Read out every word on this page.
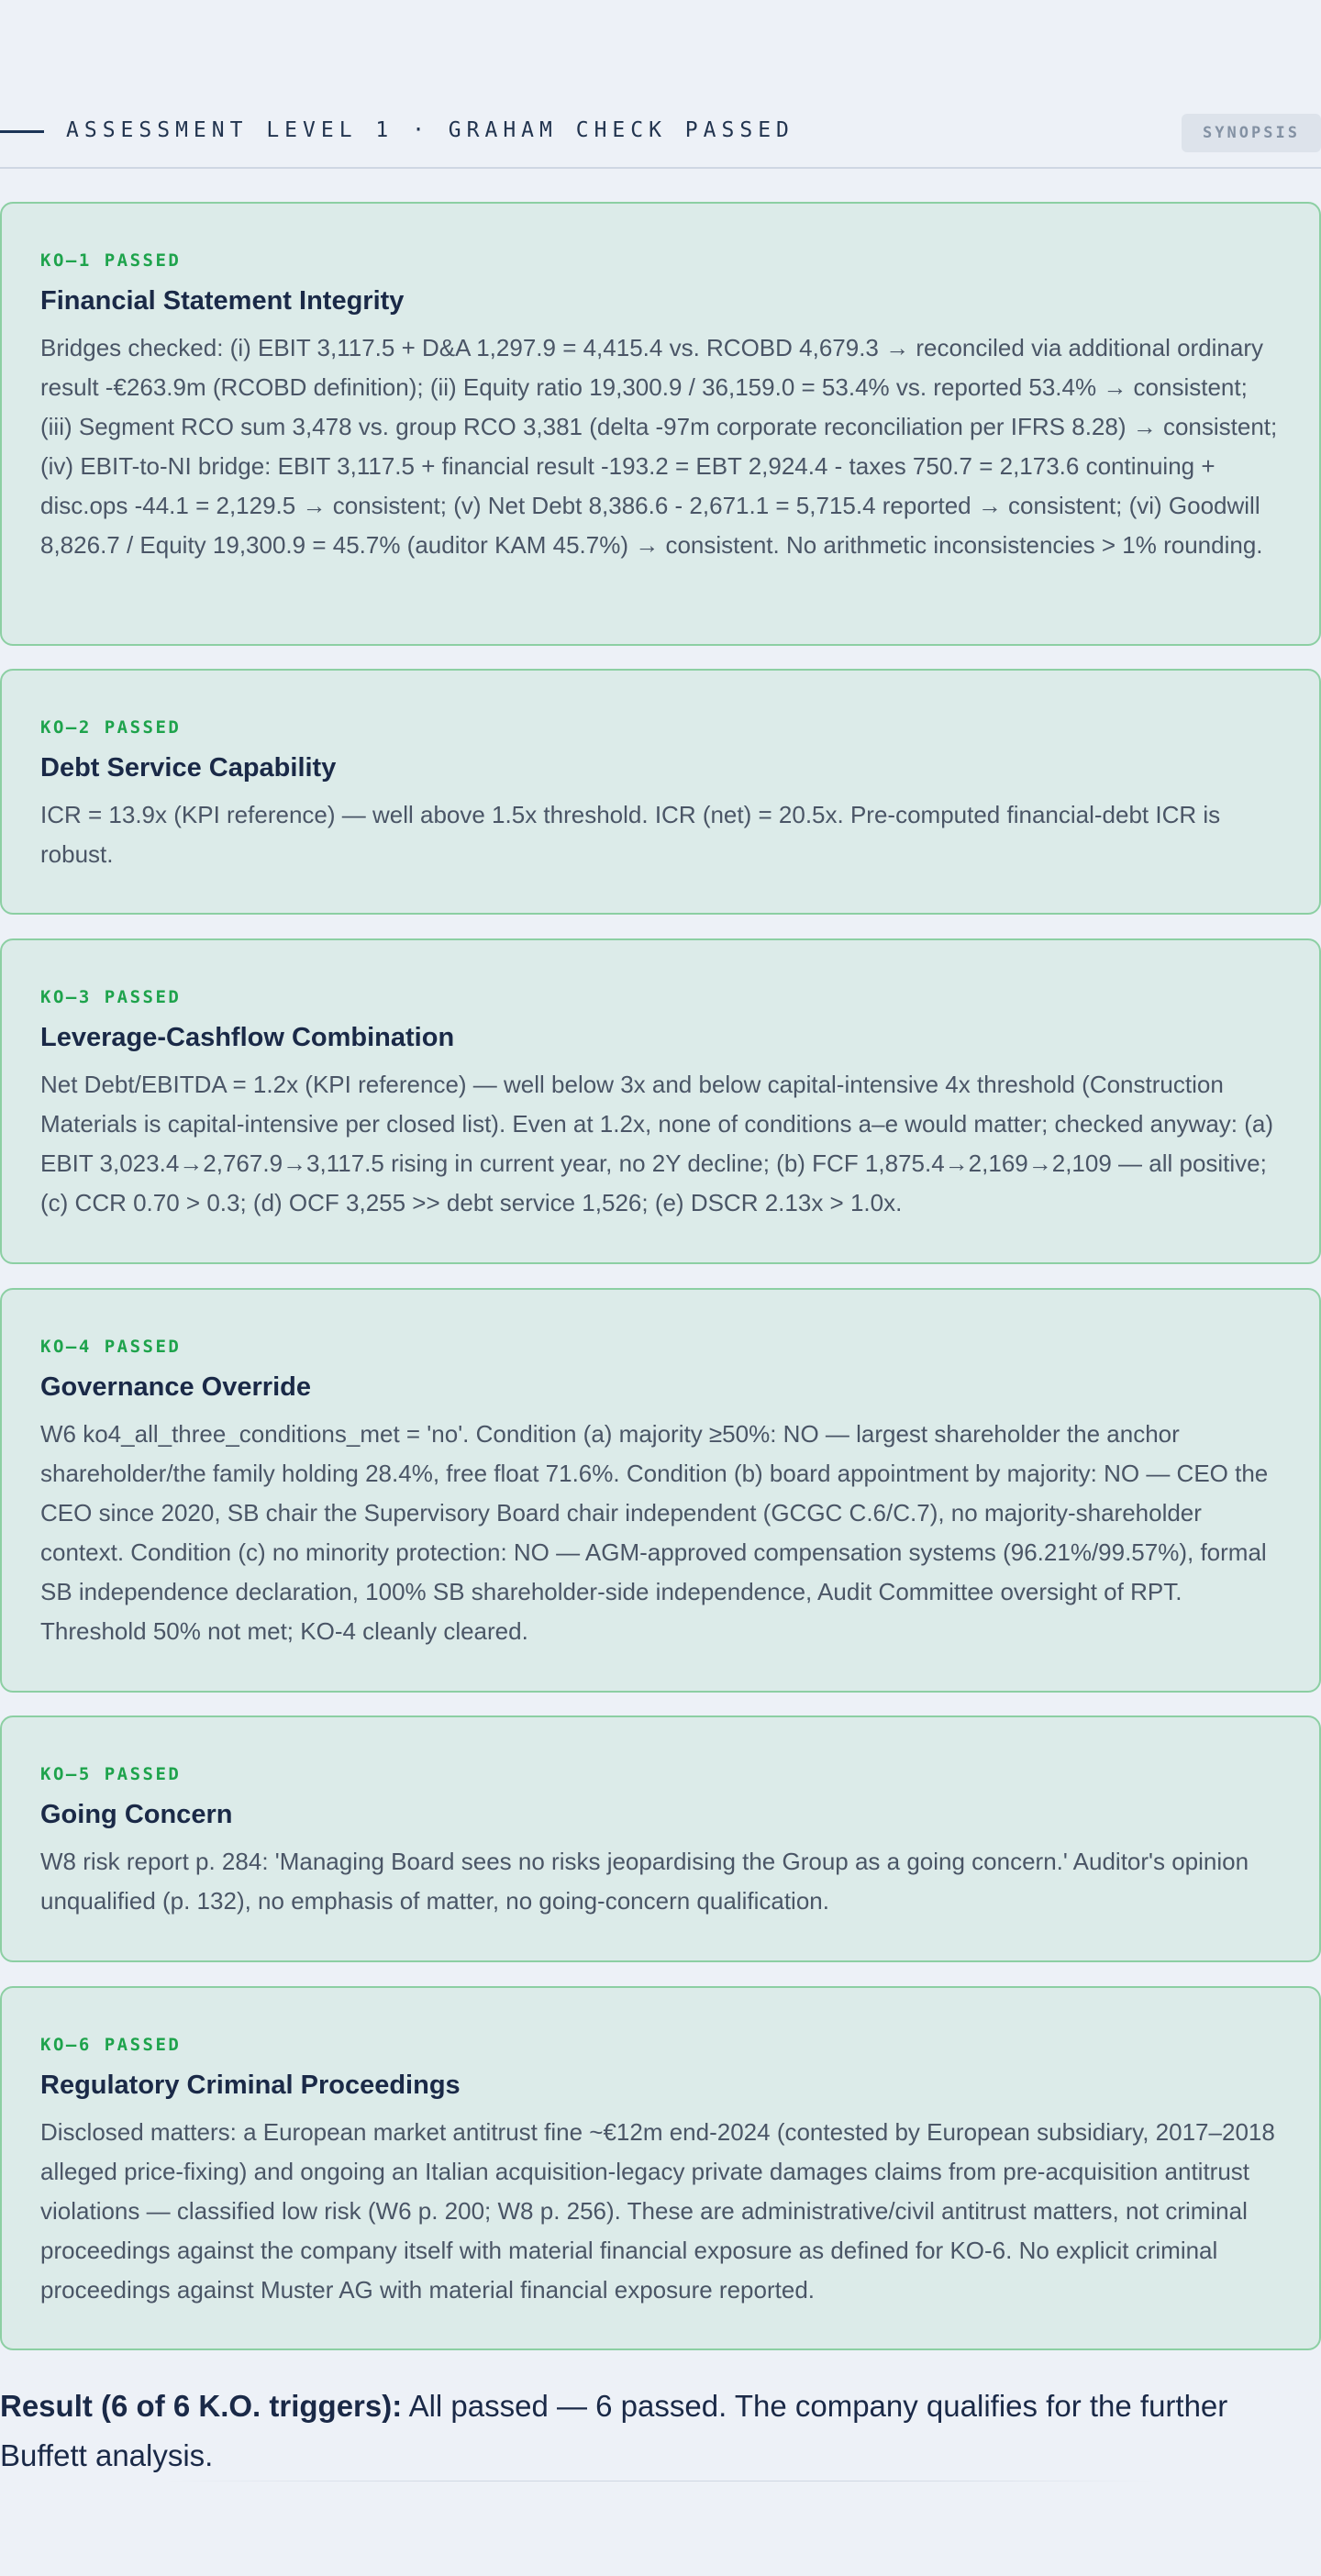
ASSESSMENT LEVEL 1 · GRAHAM CHECK PASSED	SYNOPSIS
KO–1 PASSED
Financial Statement Integrity
Bridges checked: (i) EBIT 3,117.5 + D&A 1,297.9 = 4,415.4 vs. RCOBD 4,679.3 → reconciled via additional ordinary result -€263.9m (RCOBD definition); (ii) Equity ratio 19,300.9 / 36,159.0 = 53.4% vs. reported 53.4% → consistent; (iii) Segment RCO sum 3,478 vs. group RCO 3,381 (delta -97m corporate reconciliation per IFRS 8.28) → consistent; (iv) EBIT-to-NI bridge: EBIT 3,117.5 + financial result -193.2 = EBT 2,924.4 - taxes 750.7 = 2,173.6 continuing + disc.ops -44.1 = 2,129.5 → consistent; (v) Net Debt 8,386.6 - 2,671.1 = 5,715.4 reported → consistent; (vi) Goodwill 8,826.7 / Equity 19,300.9 = 45.7% (auditor KAM 45.7%) → consistent. No arithmetic inconsistencies > 1% rounding.
KO–2 PASSED
Debt Service Capability
ICR = 13.9x (KPI reference) — well above 1.5x threshold. ICR (net) = 20.5x. Pre-computed financial-debt ICR is robust.
KO–3 PASSED
Leverage-Cashflow Combination
Net Debt/EBITDA = 1.2x (KPI reference) — well below 3x and below capital-intensive 4x threshold (Construction Materials is capital-intensive per closed list). Even at 1.2x, none of conditions a–e would matter; checked anyway: (a) EBIT 3,023.4→2,767.9→3,117.5 rising in current year, no 2Y decline; (b) FCF 1,875.4→2,169→2,109 — all positive; (c) CCR 0.70 > 0.3; (d) OCF 3,255 >> debt service 1,526; (e) DSCR 2.13x > 1.0x.
KO–4 PASSED
Governance Override
W6 ko4_all_three_conditions_met = 'no'. Condition (a) majority ≥50%: NO — largest shareholder the anchor shareholder/the family holding 28.4%, free float 71.6%. Condition (b) board appointment by majority: NO — CEO the CEO since 2020, SB chair the Supervisory Board chair independent (GCGC C.6/C.7), no majority-shareholder context. Condition (c) no minority protection: NO — AGM-approved compensation systems (96.21%/99.57%), formal SB independence declaration, 100% SB shareholder-side independence, Audit Committee oversight of RPT. Threshold 50% not met; KO-4 cleanly cleared.
KO–5 PASSED
Going Concern
W8 risk report p. 284: 'Managing Board sees no risks jeopardising the Group as a going concern.' Auditor's opinion unqualified (p. 132), no emphasis of matter, no going-concern qualification.
KO–6 PASSED
Regulatory Criminal Proceedings
Disclosed matters: a European market antitrust fine ~€12m end-2024 (contested by European subsidiary, 2017–2018 alleged price-fixing) and ongoing an Italian acquisition-legacy private damages claims from pre-acquisition antitrust violations — classified low risk (W6 p. 200; W8 p. 256). These are administrative/civil antitrust matters, not criminal proceedings against the company itself with material financial exposure as defined for KO-6. No explicit criminal proceedings against Muster AG with material financial exposure reported.
Result (6 of 6 K.O. triggers): All passed — 6 passed. The company qualifies for the further Buffett analysis.
